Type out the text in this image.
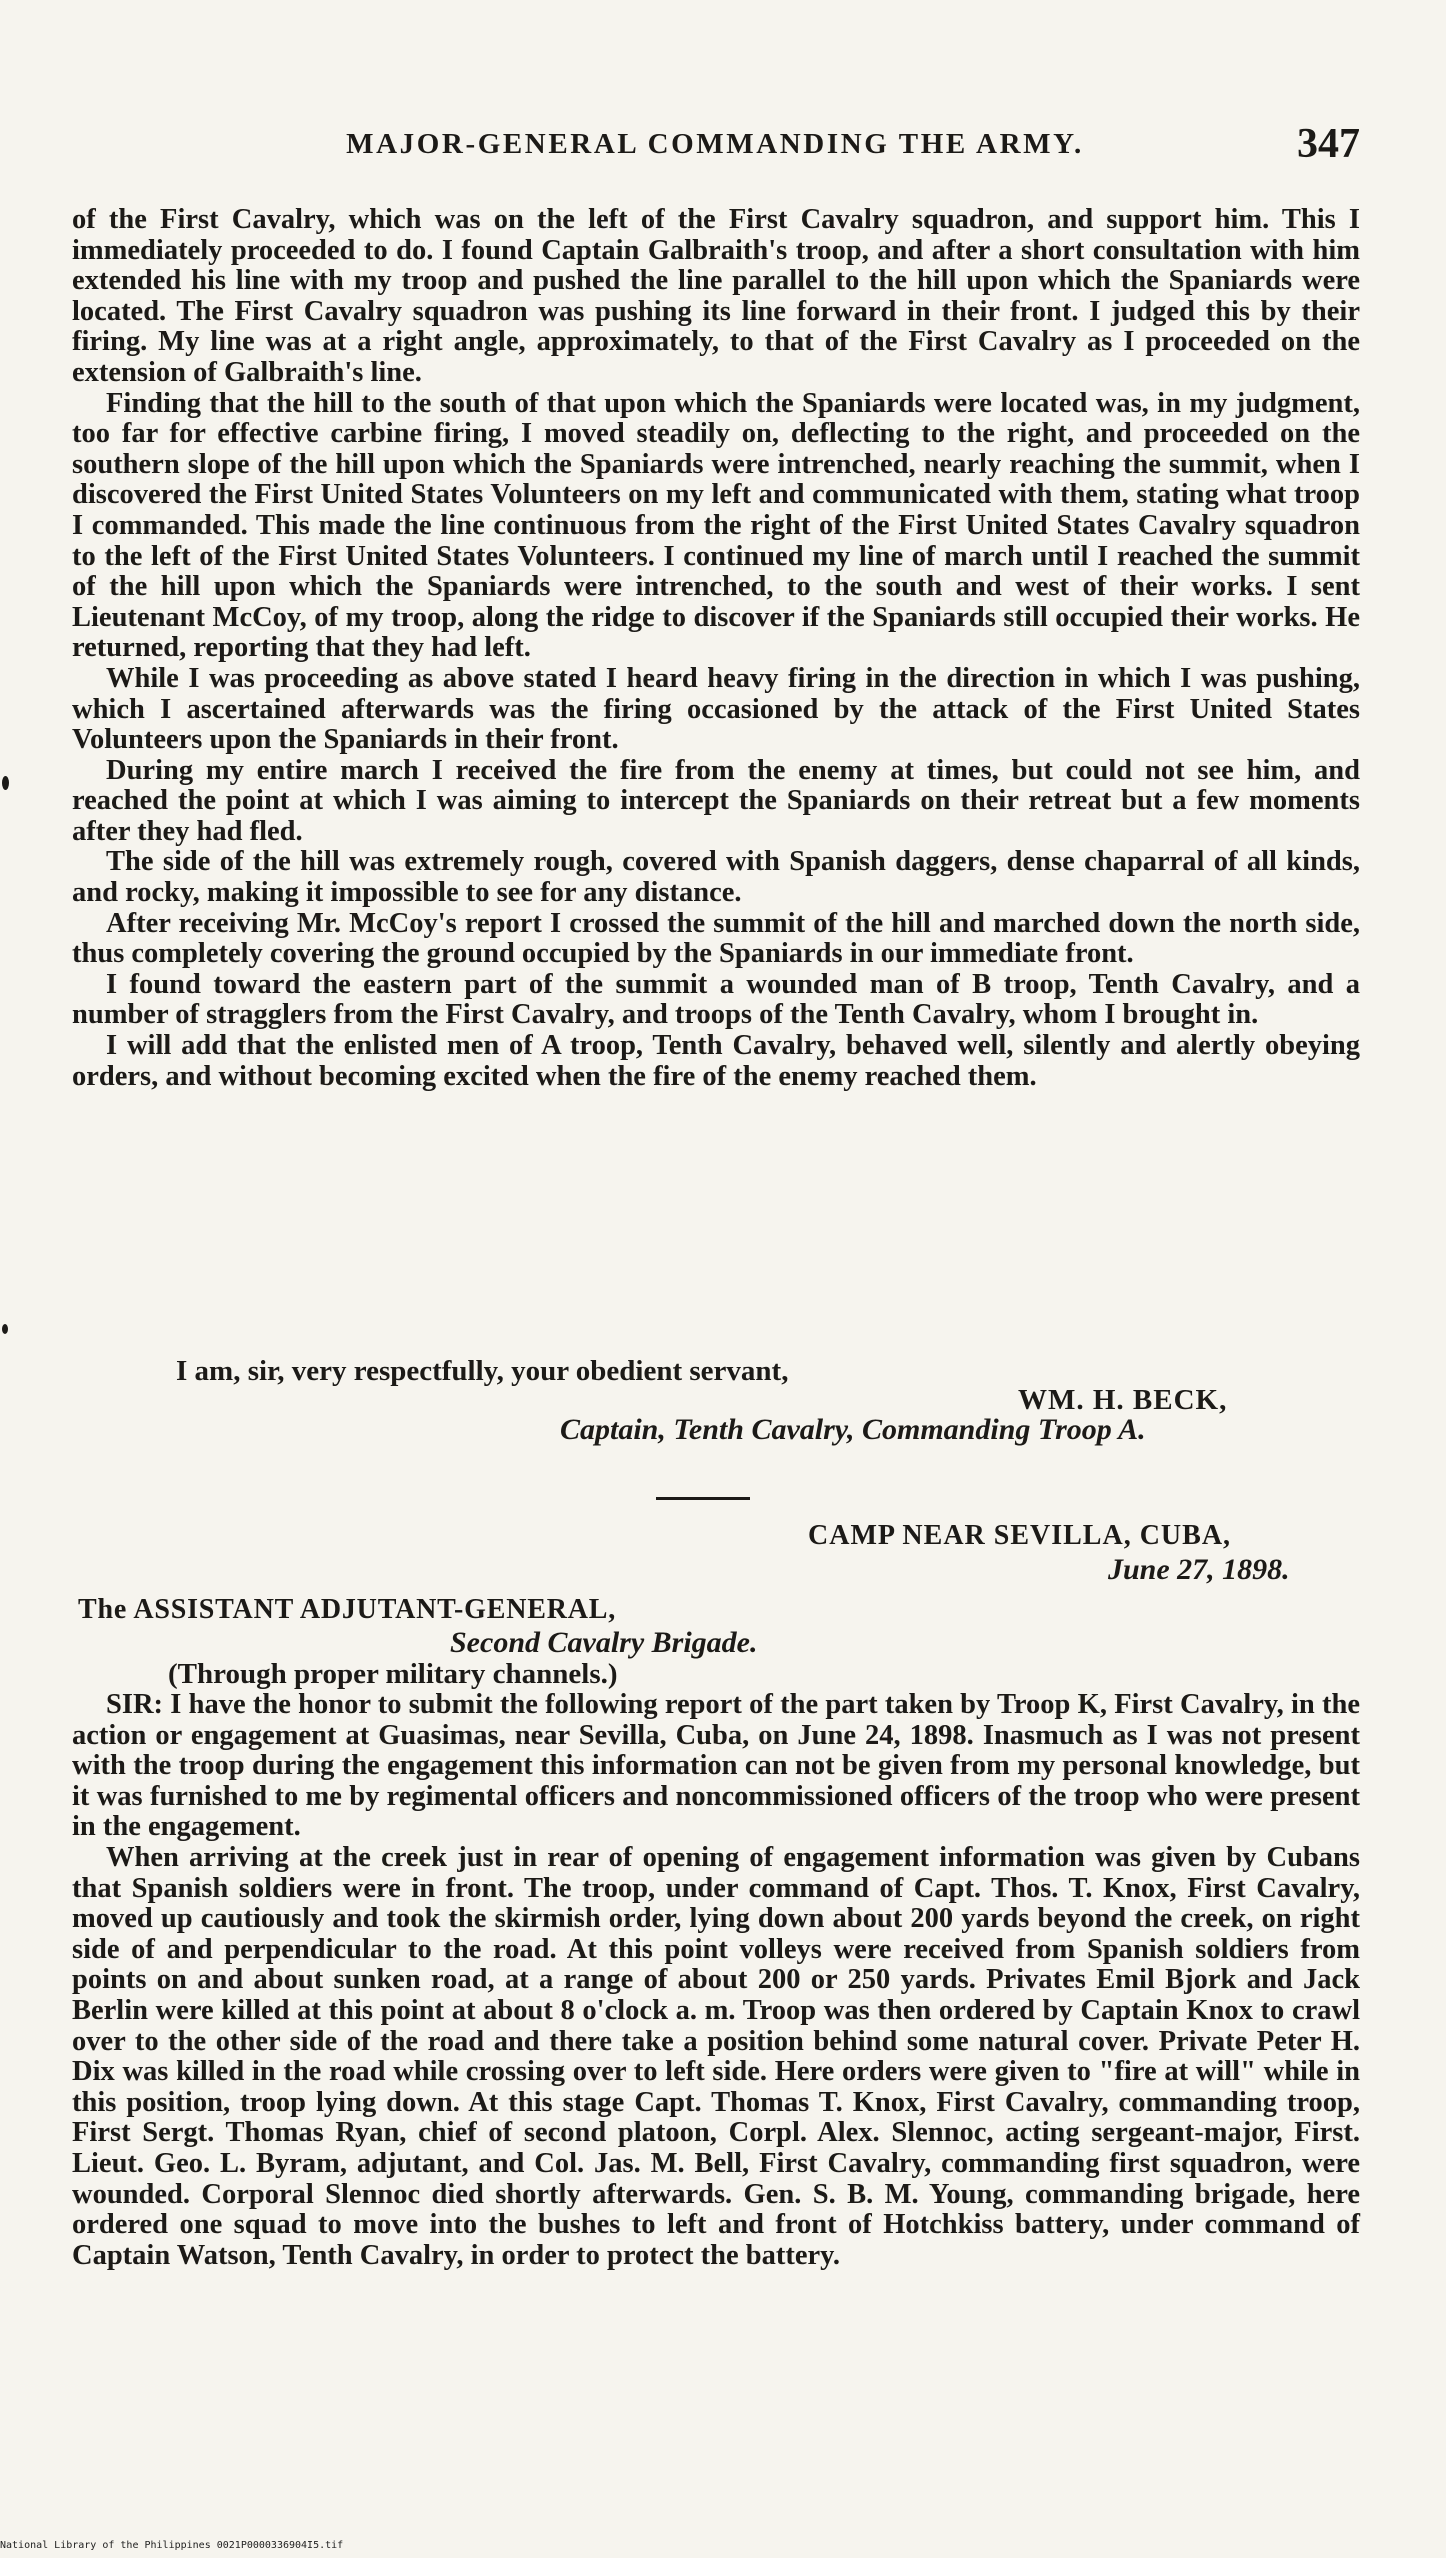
MAJOR-GENERAL COMMANDING THE ARMY.	347

of the First Cavalry, which was on the left of the First Cavalry squadron, and support him. This I immediately proceeded to do. I found Captain Galbraith's troop, and after a short consultation with him extended his line with my troop and pushed the line parallel to the hill upon which the Spaniards were located. The First Cavalry squadron was pushing its line forward in their front. I judged this by their firing. My line was at a right angle, approximately, to that of the First Cavalry as I proceeded on the extension of Galbraith's line.

Finding that the hill to the south of that upon which the Spaniards were located was, in my judgment, too far for effective carbine firing, I moved steadily on, deflecting to the right, and proceeded on the southern slope of the hill upon which the Spaniards were intrenched, nearly reaching the summit, when I discovered the First United States Volunteers on my left and communicated with them, stating what troop I commanded. This made the line continuous from the right of the First United States Cavalry squadron to the left of the First United States Volunteers. I continued my line of march until I reached the summit of the hill upon which the Spaniards were intrenched, to the south and west of their works. I sent Lieutenant McCoy, of my troop, along the ridge to discover if the Spaniards still occupied their works. He returned, reporting that they had left.

While I was proceeding as above stated I heard heavy firing in the direction in which I was pushing, which I ascertained afterwards was the firing occasioned by the attack of the First United States Volunteers upon the Spaniards in their front.

During my entire march I received the fire from the enemy at times, but could not see him, and reached the point at which I was aiming to intercept the Spaniards on their retreat but a few moments after they had fled.

The side of the hill was extremely rough, covered with Spanish daggers, dense chaparral of all kinds, and rocky, making it impossible to see for any distance.

After receiving Mr. McCoy's report I crossed the summit of the hill and marched down the north side, thus completely covering the ground occupied by the Spaniards in our immediate front.

I found toward the eastern part of the summit a wounded man of B troop, Tenth Cavalry, and a number of stragglers from the First Cavalry, and troops of the Tenth Cavalry, whom I brought in.

I will add that the enlisted men of A troop, Tenth Cavalry, behaved well, silently and alertly obeying orders, and without becoming excited when the fire of the enemy reached them.

I am, sir, very respectfully, your obedient servant,
WM. H. BECK,
Captain, Tenth Cavalry, Commanding Troop A.
CAMP NEAR SEVILLA, CUBA,
June 27, 1898.
The ASSISTANT ADJUTANT-GENERAL,
Second Cavalry Brigade.
(Through proper military channels.)

SIR: I have the honor to submit the following report of the part taken by Troop K, First Cavalry, in the action or engagement at Guasimas, near Sevilla, Cuba, on June 24, 1898. Inasmuch as I was not present with the troop during the engagement this information can not be given from my personal knowledge, but it was furnished to me by regimental officers and noncommissioned officers of the troop who were present in the engagement.

When arriving at the creek just in rear of opening of engagement information was given by Cubans that Spanish soldiers were in front. The troop, under command of Capt. Thos. T. Knox, First Cavalry, moved up cautiously and took the skirmish order, lying down about 200 yards beyond the creek, on right side of and perpendicular to the road. At this point volleys were received from Spanish soldiers from points on and about sunken road, at a range of about 200 or 250 yards. Privates Emil Bjork and Jack Berlin were killed at this point at about 8 o'clock a. m. Troop was then ordered by Captain Knox to crawl over to the other side of the road and there take a position behind some natural cover. Private Peter H. Dix was killed in the road while crossing over to left side. Here orders were given to "fire at will" while in this position, troop lying down. At this stage Capt. Thomas T. Knox, First Cavalry, commanding troop, First Sergt. Thomas Ryan, chief of second platoon, Corpl. Alex. Slennoc, acting sergeant-major, First. Lieut. Geo. L. Byram, adjutant, and Col. Jas. M. Bell, First Cavalry, commanding first squadron, were wounded. Corporal Slennoc died shortly afterwards. Gen. S. B. M. Young, commanding brigade, here ordered one squad to move into the bushes to left and front of Hotchkiss battery, under command of Captain Watson, Tenth Cavalry, in order to protect the battery.

National Library of the Philippines 0021P0000336904I5.tif
